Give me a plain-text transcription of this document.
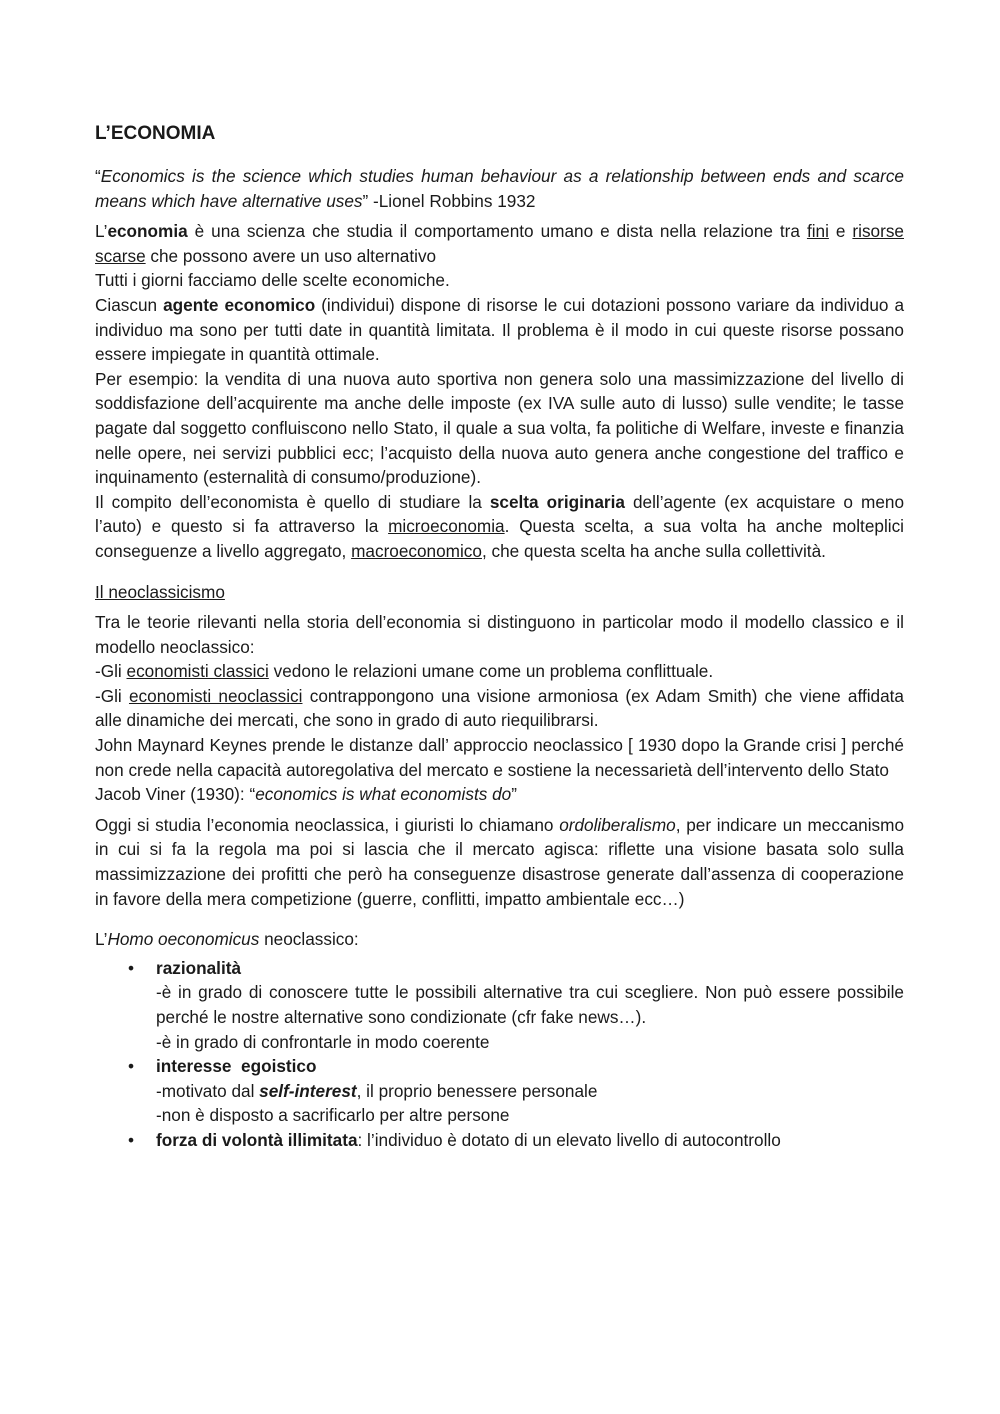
L’ECONOMIA

“Economics is the science which studies human behaviour as a relationship between ends and scarce means which have alternative uses” -Lionel Robbins 1932

L’economia è una scienza che studia il comportamento umano e dista nella relazione tra fini e risorse scarse che possono avere un uso alternativo

Tutti i giorni facciamo delle scelte economiche.

Ciascun agente economico (individui) dispone di risorse le cui dotazioni possono variare da individuo a individuo ma sono per tutti date in quantità limitata. Il problema è il modo in cui queste risorse possano essere impiegate in quantità ottimale.

Per esempio: la vendita di una nuova auto sportiva non genera solo una massimizzazione del livello di soddisfazione dell’acquirente ma anche delle imposte (ex IVA sulle auto di lusso) sulle vendite; le tasse pagate dal soggetto confluiscono nello Stato, il quale a sua volta, fa politiche di Welfare, investe e finanzia nelle opere, nei servizi pubblici ecc; l’acquisto della nuova auto genera anche congestione del traffico e inquinamento (esternalità di consumo/produzione).

Il compito dell’economista è quello di studiare la scelta originaria dell’agente (ex acquistare o meno l’auto) e questo si fa attraverso la microeconomia. Questa scelta, a sua volta ha anche molteplici conseguenze a livello aggregato, macroeconomico, che questa scelta ha anche sulla collettività.

Il neoclassicismo

Tra le teorie rilevanti nella storia dell’economia si distinguono in particolar modo il modello classico e il modello neoclassico:

-Gli economisti classici vedono le relazioni umane come un problema conflittuale.

-Gli economisti neoclassici contrappongono una visione armoniosa (ex Adam Smith) che viene affidata alle dinamiche dei mercati, che sono in grado di auto riequilibrarsi.

John Maynard Keynes prende le distanze dall’ approccio neoclassico [ 1930 dopo la Grande crisi ] perché non crede nella capacità autoregolativa del mercato e sostiene la necessarietà dell’intervento dello Stato

Jacob Viner (1930): “economics is what economists do”

Oggi si studia l’economia neoclassica, i giuristi lo chiamano ordoliberalismo, per indicare un meccanismo in cui si fa la regola ma poi si lascia che il mercato agisca: riflette una visione basata solo sulla massimizzazione dei profitti che però ha conseguenze disastrose generate dall’assenza di cooperazione in favore della mera competizione (guerre, conflitti, impatto ambientale ecc…)

L’Homo oeconomicus neoclassico:

• razionalità
-è in grado di conoscere tutte le possibili alternative tra cui scegliere. Non può essere possibile perché le nostre alternative sono condizionate (cfr fake news…).
-è in grado di confrontarle in modo coerente
• interesse  egoistico
-motivato dal self-interest, il proprio benessere personale
-non è disposto a sacrificarlo per altre persone
• forza di volontà illimitata: l’individuo è dotato di un elevato livello di autocontrollo
